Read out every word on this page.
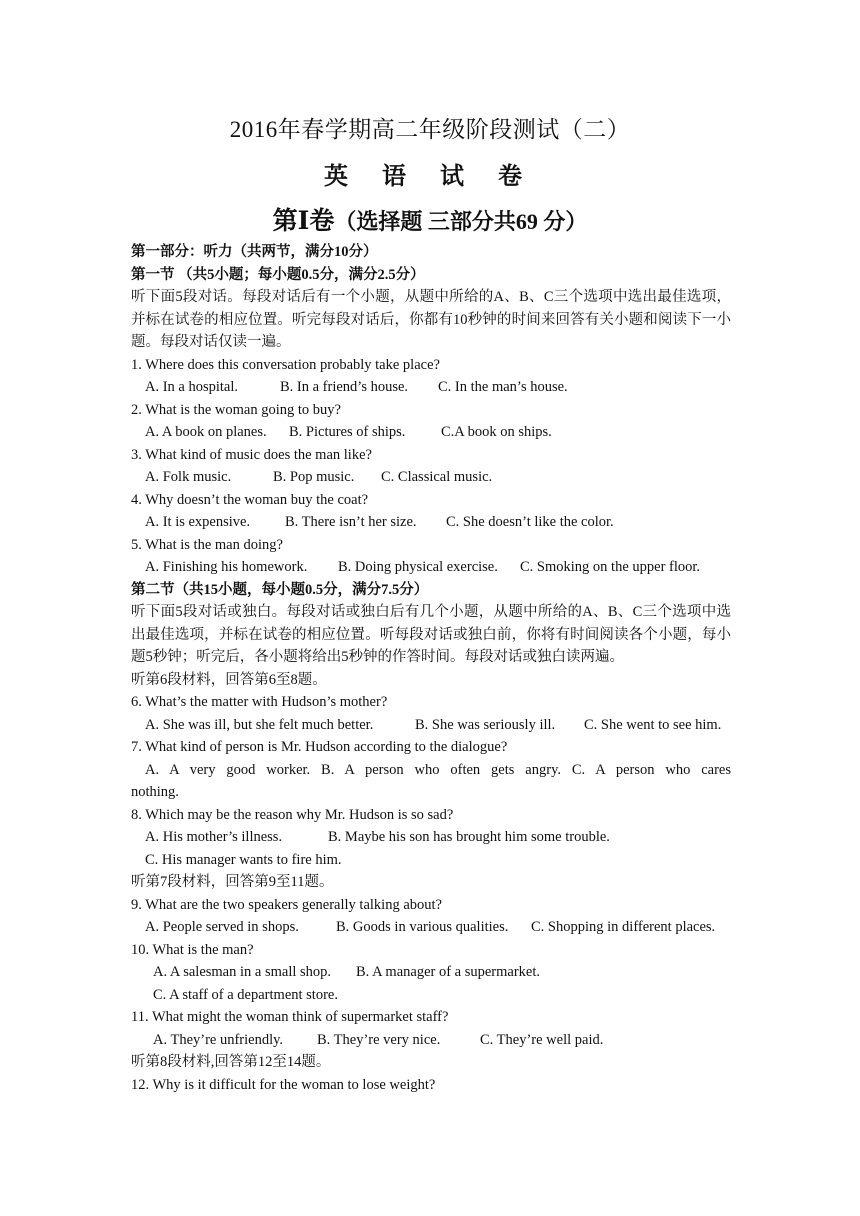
2016年春学期高二年级阶段测试（二）
英 语 试 卷
第Ⅰ卷（选择题 三部分共69 分）
第一部分：听力（共两节，满分10分）
第一节 （共5小题；每小题0.5分，满分2.5分）
听下面5段对话。每段对话后有一个小题，从题中所给的A、B、C三个选项中选出最佳选项，并标在试卷的相应位置。听完每段对话后，你都有10秒钟的时间来回答有关小题和阅读下一小题。每段对话仅读一遍。
1. Where does this conversation probably take place?
A. In a hospital.	B. In a friend’s house. C. In the man’s house.
2. What is the woman going to buy?
A. A book on planes. B. Pictures of ships. C.A book on ships.
3. What kind of music does the man like?
A. Folk music.	B. Pop music. C. Classical music.
4. Why doesn’t the woman buy the coat?
A. It is expensive. B. There isn’t her size. C. She doesn’t like the color.
5. What is the man doing?
A. Finishing his homework. B. Doing physical exercise. C. Smoking on the upper floor.
第二节（共15小题，每小题0.5分，满分7.5分）
听下面5段对话或独白。每段对话或独白后有几个小题，从题中所给的A、B、C三个选项中选出最佳选项，并标在试卷的相应位置。听每段对话或独白前，你将有时间阅读各个小题，每小题5秒钟；听完后，各小题将给出5秒钟的作答时间。每段对话或独白读两遍。
听第6段材料，回答第6至8题。
6. What’s the matter with Hudson’s mother?
A. She was ill, but she felt much better.	B. She was seriously ill. C. She went to see him.
7. What kind of person is Mr. Hudson according to the dialogue?
A. A very good worker. B. A person who often gets angry. C. A person who cares
nothing.
8. Which may be the reason why Mr. Hudson is so sad?
A. His mother’s illness.	B. Maybe his son has brought him some trouble.
C. His manager wants to fire him.
听第7段材料，回答第9至11题。
9. What are the two speakers generally talking about?
A. People served in shops.	B. Goods in various qualities. C. Shopping in different places.
10. What is the man?
A. A salesman in a small shop. B. A manager of a supermarket.
C. A staff of a department store.
11. What might the woman think of supermarket staff?
A. They’re unfriendly. B. They’re very nice.	C. They’re well paid.
听第8段材料,回答第12至14题。
12. Why is it difficult for the woman to lose weight?
